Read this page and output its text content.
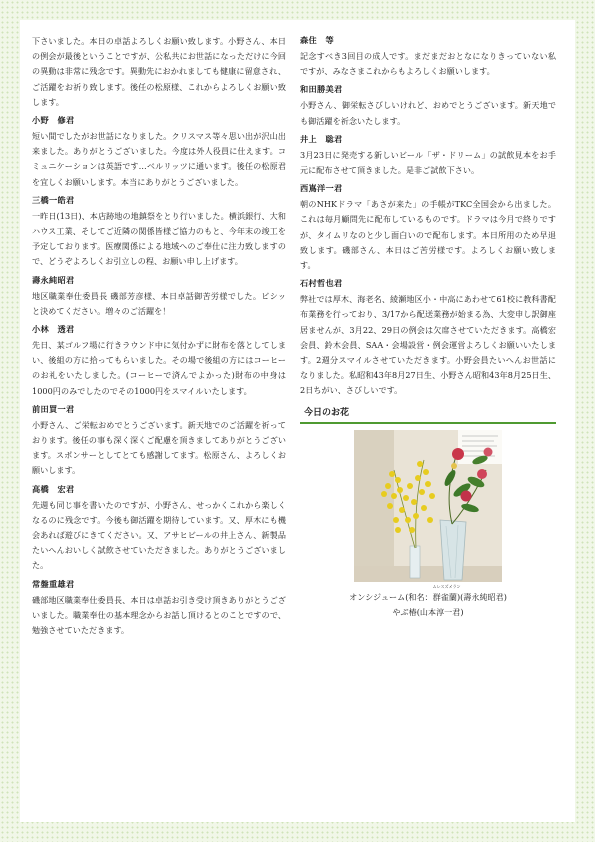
下さいました。本日の卓話よろしくお願い致します。小野さん、本日の例会が最後ということですが、公私共にお世話になっただけに今回の異動は非常に残念です。異動先におかれましても健康に留意され、ご活躍をお祈り致します。後任の松原様、これからよろしくお願い致します。

小野　修君

短い間でしたがお世話になりました。クリスマス等々思い出が沢山出来ました。ありがとうございました。今度は外人役員に仕えます。コミュニケーションは英語です…ベルリッツに通います。後任の松原君を宜しくお願いします。本当にありがとうございました。

三橋一皓君

一昨日(13日)、本店跡地の地鎮祭をとり行いました。横浜銀行、大和ハウス工業、そしてご近隣の関係皆様ご協力のもと、今年末の竣工を予定しております。医療関係による地域へのご奉仕に注力致しますので、どうぞよろしくお引立しの程、お願い申し上げます。

壽永純昭君

地区職業奉仕委員長 磯部芳彦様、本日卓話御苦労様でした。ビシッと決めてください。増々のご活躍を！

小林　透君

先日、某ゴルフ場に行きラウンド中に気付かずに財布を落としてしまい、後組の方に拾ってもらいました。その場で後組の方にはコーヒーのお礼をいたしました。(コーヒーで済んでよかった)財布の中身は1000円のみでしたのでその1000円をスマイルいたします。

前田買一君

小野さん、ご栄転おめでとうございます。新天地でのご活躍を祈っております。後任の事も深く深くご配慮を頂きましてありがとうございます。スポンサーとしてとても感謝してます。松原さん、よろしくお願いします。

高橋　宏君

先週も同じ事を書いたのですが、小野さん、せっかくこれから楽しくなるのに残念です。今後も御活躍を期待しています。又、厚木にも機会あれば遊びにきてください。又、アサヒビールの井上さん、新製品たいへんおいしく試飲させていただきました。ありがとうございました。

常盤重雄君

磯部地区職業奉仕委員長、本日は卓話お引き受け頂きありがとうございました。職業奉仕の基本理念からお話し頂けるとのことですので、勉強させていただきます。

森住　等

記念すべき3回目の成人です。まだまだおとなになりきっていない私ですが、みなさまこれからもよろしくお願いします。

和田勝美君

小野さん、御栄転さびしいけれど、おめでとうございます。新天地でも御活躍を祈念いたします。

井上　聡君

3月23日に発売する新しいビール「ザ・ドリーム」の試飲見本をお手元に配布させて頂きました。是非ご試飲下さい。

西嶌洋一君

朝のNHKドラマ「あさが来た」の手帳がTKC全国会から出ました。これは毎月顧問先に配布しているものです。ドラマは今月で終りですが、タイムリなのと少し面白いので配布します。本日所用のため早退致します。磯部さん、本日はご苦労様です。よろしくお願い致します。

石村哲也君

弊社では厚木、海老名、綾瀬地区小・中高にあわせて61校に教科書配布業務を行っており、3/17から配送業務が始まる為、大変申し訳御座居ませんが、3月22、29日の例会は欠席させていただきます。高橋宏会員、鈴木会員、SAA・会場設営・例会運営よろしくお願いいたします。2週分スマイルさせていただきます。小野会員たいへんお世話になりました。私昭和43年8月27日生、小野さん昭和43年8月25日生、2日ちがい、さびしいです。

今日のお花
オンシジューム(和名：
ムレスズメラン
群雀蘭)(壽永純昭君)
やぶ椿(山本淳一君)
